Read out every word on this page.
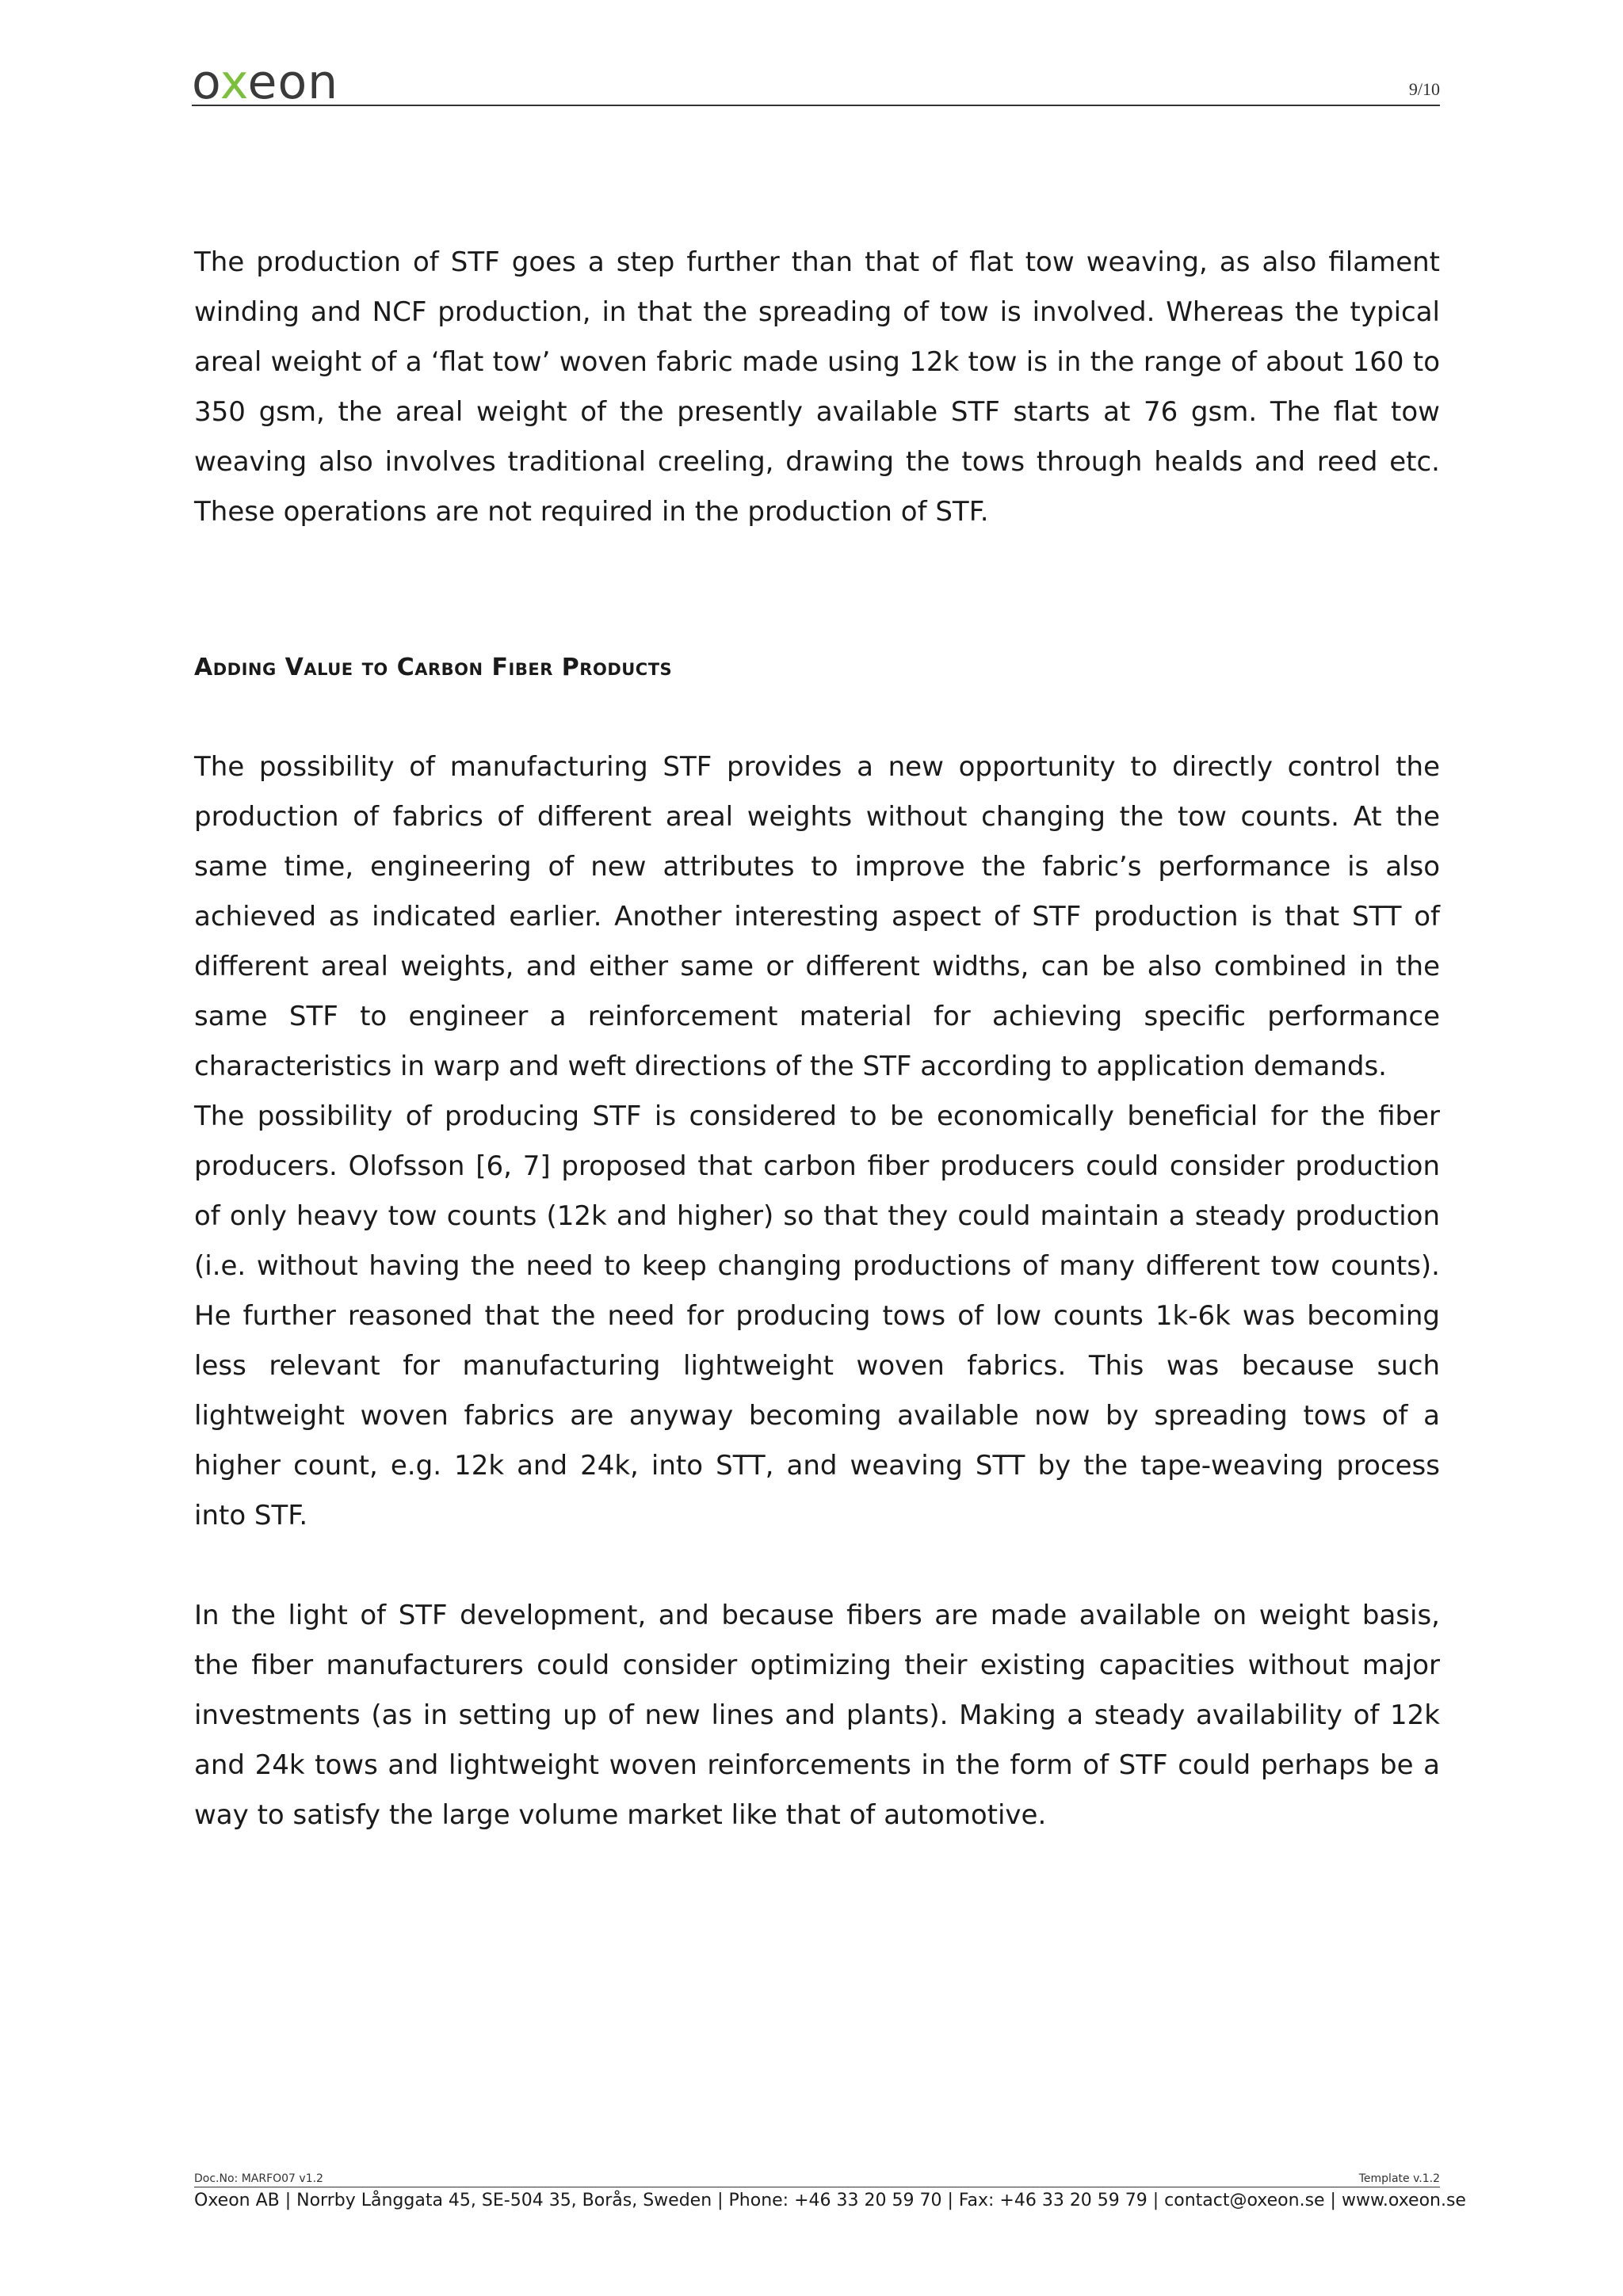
oxeon	9/10

The production of STF goes a step further than that of flat tow weaving, as also filament winding and NCF production, in that the spreading of tow is involved. Whereas the typical areal weight of a ‘flat tow’ woven fabric made using 12k tow is in the range of about 160 to 350 gsm, the areal weight of the presently available STF starts at 76 gsm. The flat tow weaving also involves traditional creeling, drawing the tows through healds and reed etc. These operations are not required in the production of STF.

Adding Value to Carbon Fiber Products

The possibility of manufacturing STF provides a new opportunity to directly control the production of fabrics of different areal weights without changing the tow counts. At the same time, engineering of new attributes to improve the fabric’s performance is also achieved as indicated earlier. Another interesting aspect of STF production is that STT of different areal weights, and either same or different widths, can be also combined in the same STF to engineer a reinforcement material for achieving specific performance characteristics in warp and weft directions of the STF according to application demands.

The possibility of producing STF is considered to be economically beneficial for the fiber producers. Olofsson [6, 7] proposed that carbon fiber producers could consider production of only heavy tow counts (12k and higher) so that they could maintain a steady production (i.e. without having the need to keep changing productions of many different tow counts). He further reasoned that the need for producing tows of low counts 1k-6k was becoming less relevant for manufacturing lightweight woven fabrics. This was because such lightweight woven fabrics are anyway becoming available now by spreading tows of a higher count, e.g. 12k and 24k, into STT, and weaving STT by the tape-weaving process into STF.

In the light of STF development, and because fibers are made available on weight basis, the fiber manufacturers could consider optimizing their existing capacities without major investments (as in setting up of new lines and plants). Making a steady availability of 12k and 24k tows and lightweight woven reinforcements in the form of STF could perhaps be a way to satisfy the large volume market like that of automotive.

Doc.No: MARFO07 v1.2	Template v.1.2
Oxeon AB | Norrby Långgata 45, SE-504 35, Borås, Sweden | Phone: +46 33 20 59 70 | Fax: +46 33 20 59 79 | contact@oxeon.se | www.oxeon.se
